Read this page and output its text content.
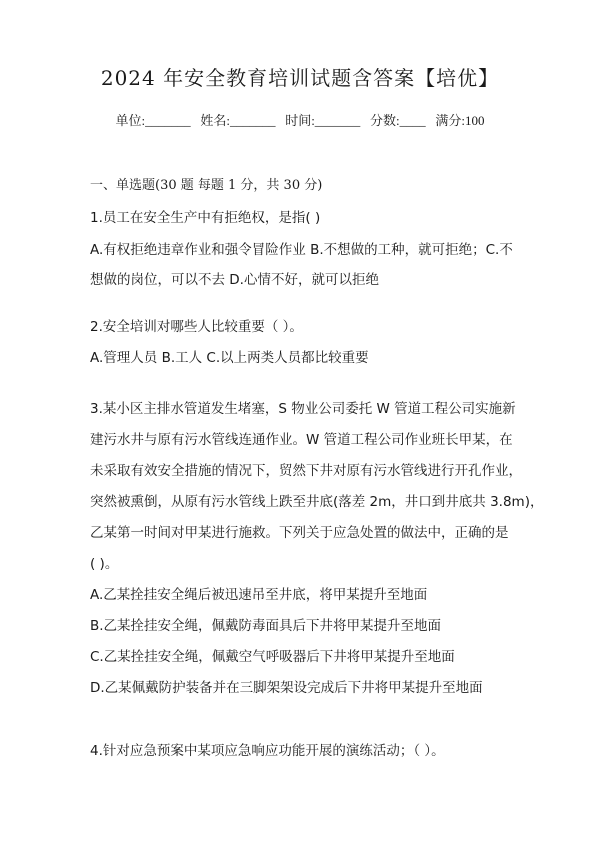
2024 年安全教育培训试题含答案【培优】
单位:_______   姓名:_______   时间:_______   分数:____   满分:100
一、单选题(30 题 每题 1 分，共 30 分)
1.员工在安全生产中有拒绝权，是指( )
A.有权拒绝违章作业和强令冒险作业 B.不想做的工种，就可拒绝；C.不
想做的岗位，可以不去 D.心情不好，就可以拒绝
2.安全培训对哪些人比较重要（ ）。
A.管理人员 B.工人 C.以上两类人员都比较重要
3.某小区主排水管道发生堵塞，S 物业公司委托 W 管道工程公司实施新
建污水井与原有污水管线连通作业。W 管道工程公司作业班长甲某，在
未采取有效安全措施的情况下，贸然下井对原有污水管线进行开孔作业，
突然被熏倒，从原有污水管线上跌至井底(落差 2m，井口到井底共 3.8m)，
乙某第一时间对甲某进行施救。下列关于应急处置的做法中，正确的是
( )。
A.乙某拴挂安全绳后被迅速吊至井底，将甲某提升至地面
B.乙某拴挂安全绳，佩戴防毒面具后下井将甲某提升至地面
C.乙某拴挂安全绳，佩戴空气呼吸器后下井将甲某提升至地面
D.乙某佩戴防护装备并在三脚架架设完成后下井将甲某提升至地面
4.针对应急预案中某项应急响应功能开展的演练活动；（ ）。
